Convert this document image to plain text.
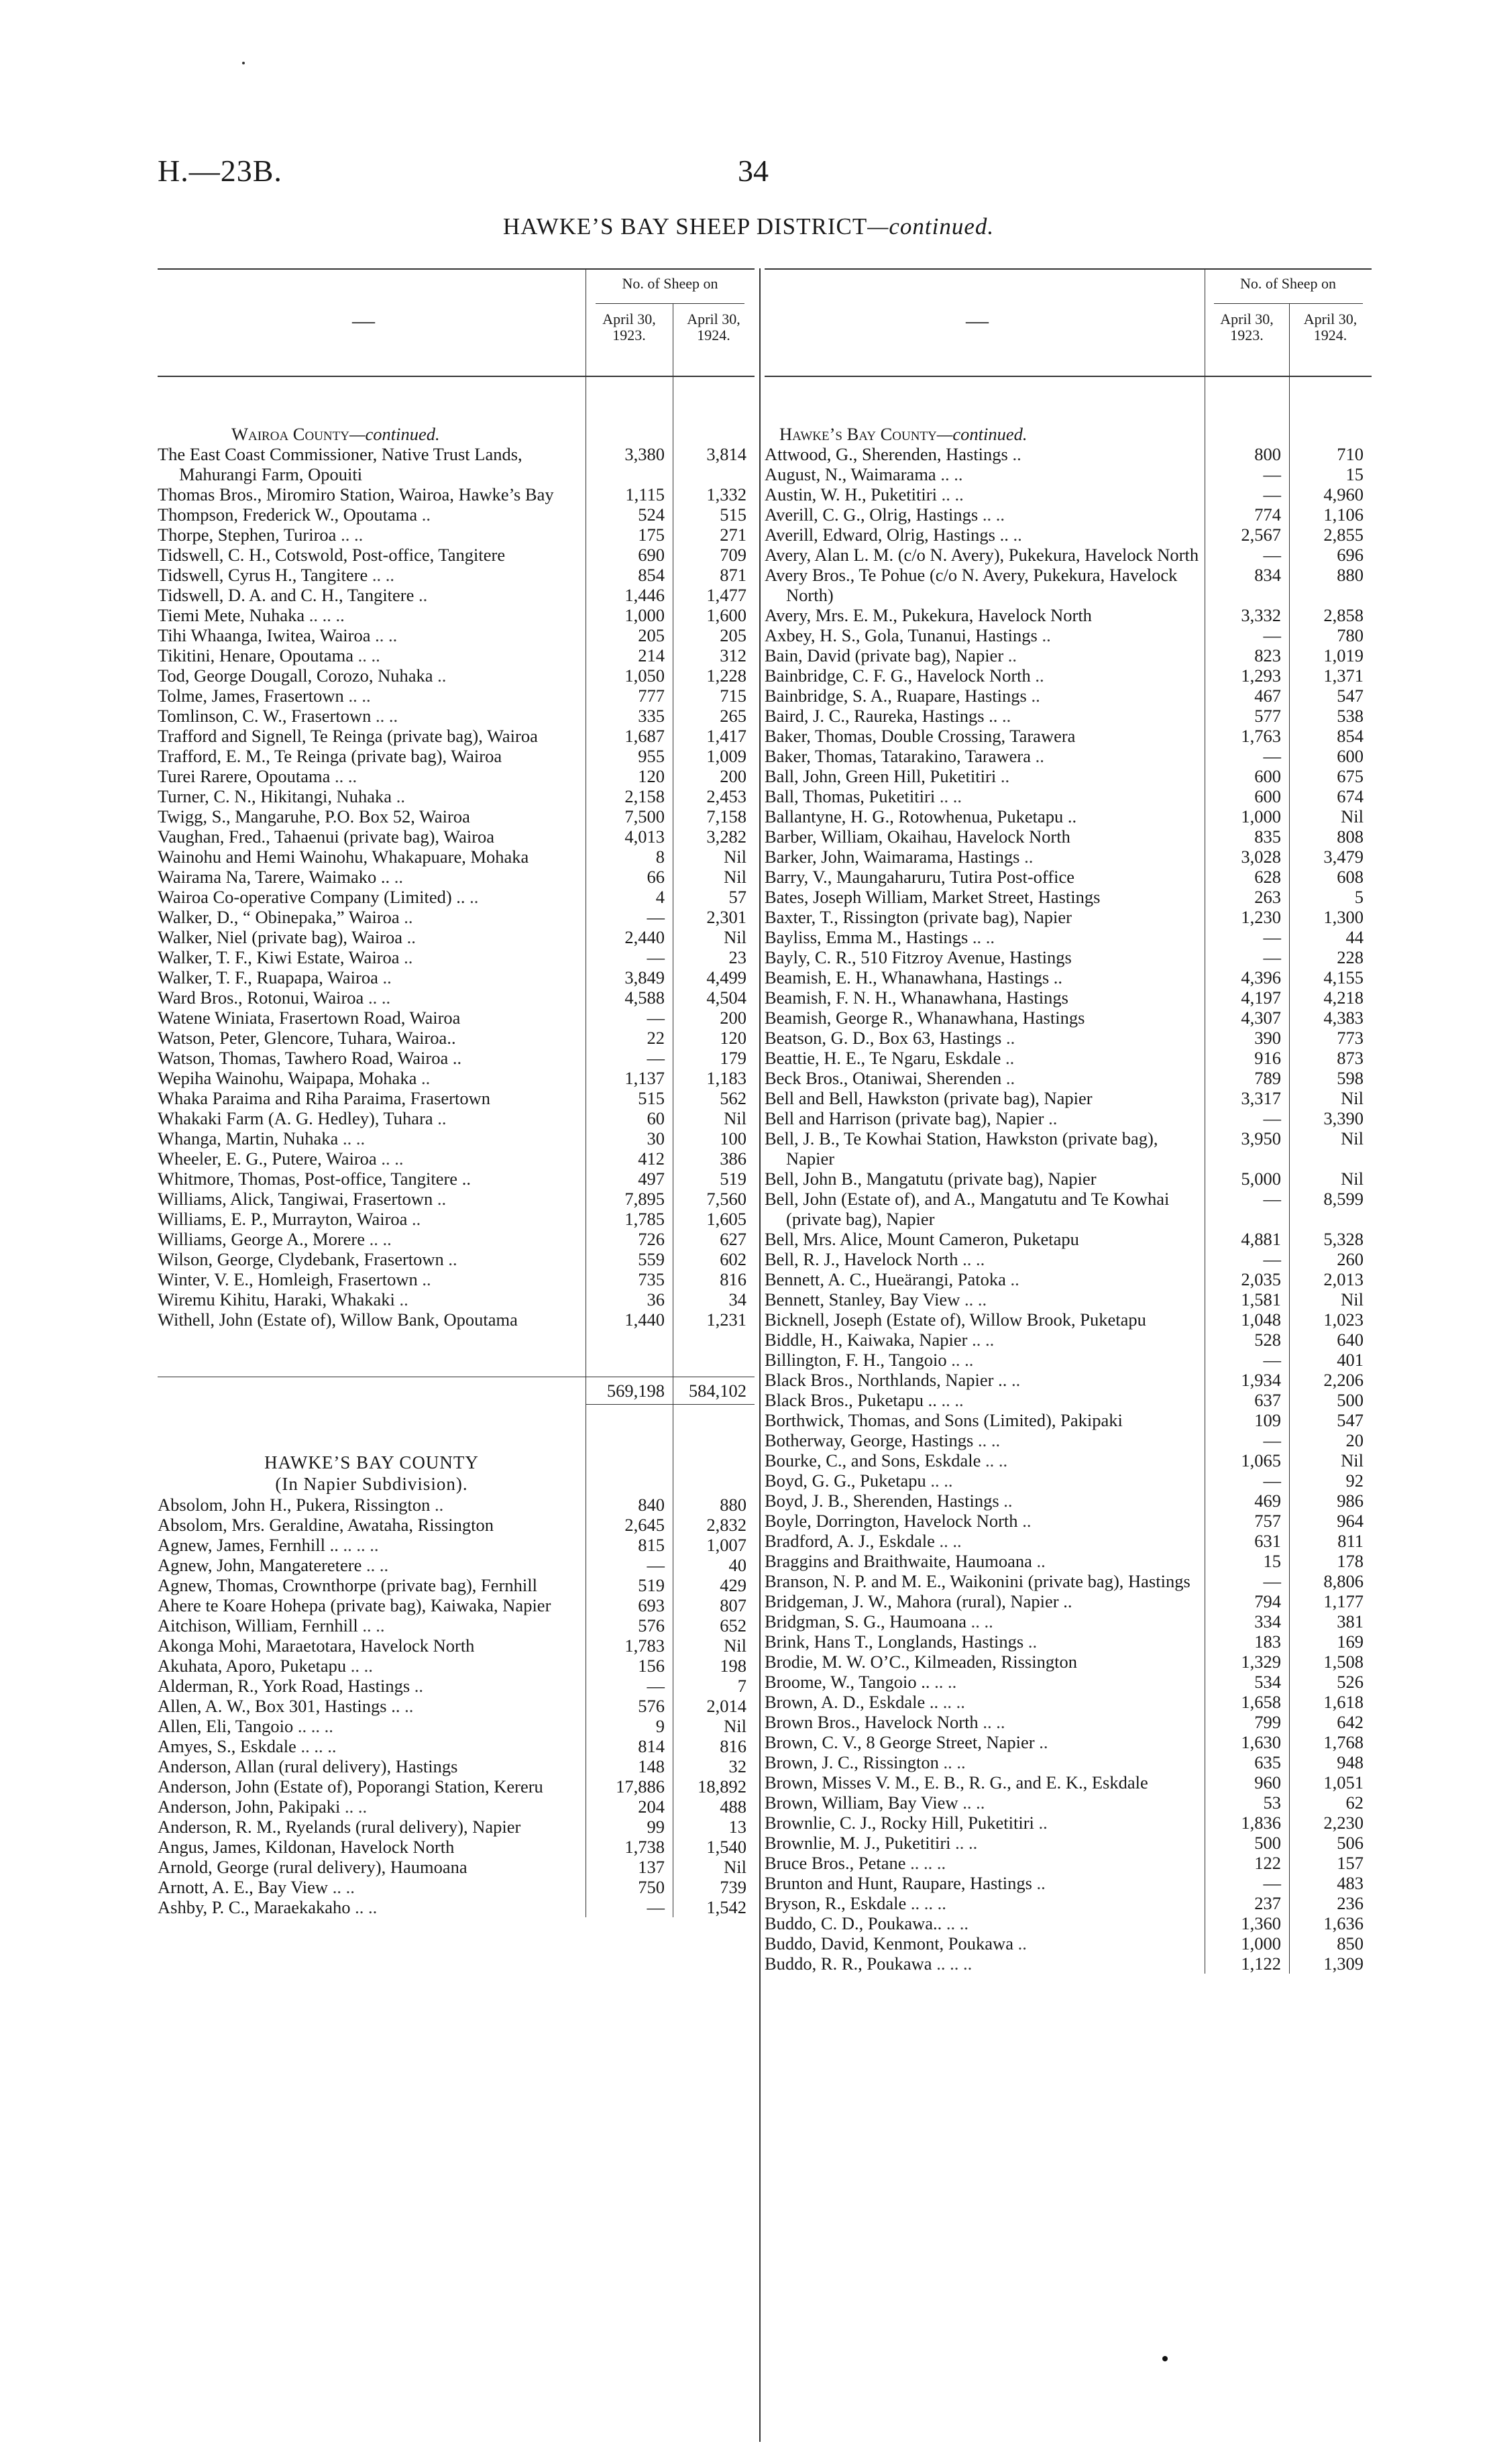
H.—23B.	34
HAWKE’S BAY SHEEP DISTRICT—continued.
—
No. of Sheep on
April 30,
1923.
April 30,
1924.
Wairoa County—continued.
The East Coast Commissioner, Native Trust Lands, Mahurangi Farm, Opouiti
3,380	3,814
Thomas Bros., Miromiro Station, Wairoa, Hawke’s Bay	1,115	1,332
Thompson, Frederick W., Opoutama ..	524	515
Thorpe, Stephen, Turiroa .. ..	175	271
Tidswell, C. H., Cotswold, Post-office, Tangitere	690	709
Tidswell, Cyrus H., Tangitere .. ..	854	871
Tidswell, D. A. and C. H., Tangitere ..	1,446	1,477
Tiemi Mete, Nuhaka .. .. ..	1,000	1,600
Tihi Whaanga, Iwitea, Wairoa .. ..	205	205
Tikitini, Henare, Opoutama .. ..	214	312
Tod, George Dougall, Corozo, Nuhaka ..	1,050	1,228
Tolme, James, Frasertown .. ..	777	715
Tomlinson, C. W., Frasertown .. ..	335	265
Trafford and Signell, Te Reinga (private bag), Wairoa	1,687	1,417
Trafford, E. M., Te Reinga (private bag), Wairoa	955	1,009
Turei Rarere, Opoutama .. ..	120	200
Turner, C. N., Hikitangi, Nuhaka ..	2,158	2,453
Twigg, S., Mangaruhe, P.O. Box 52, Wairoa	7,500	7,158
Vaughan, Fred., Tahaenui (private bag), Wairoa	4,013	3,282
Wainohu and Hemi Wainohu, Whakapuare, Mohaka	8	Nil
Wairama Na, Tarere, Waimako .. ..	66	Nil
Wairoa Co-operative Company (Limited) .. ..	4	57
Walker, D., “ Obinepaka,” Wairoa ..	—	2,301
Walker, Niel (private bag), Wairoa ..	2,440	Nil
Walker, T. F., Kiwi Estate, Wairoa ..	—	23
Walker, T. F., Ruapapa, Wairoa ..	3,849	4,499
Ward Bros., Rotonui, Wairoa .. ..	4,588	4,504
Watene Winiata, Frasertown Road, Wairoa	—	200
Watson, Peter, Glencore, Tuhara, Wairoa..	22	120
Watson, Thomas, Tawhero Road, Wairoa ..	—	179
Wepiha Wainohu, Waipapa, Mohaka ..	1,137	1,183
Whaka Paraima and Riha Paraima, Frasertown	515	562
Whakaki Farm (A. G. Hedley), Tuhara ..	60	Nil
Whanga, Martin, Nuhaka .. ..	30	100
Wheeler, E. G., Putere, Wairoa .. ..	412	386
Whitmore, Thomas, Post-office, Tangitere ..	497	519
Williams, Alick, Tangiwai, Frasertown ..	7,895	7,560
Williams, E. P., Murrayton, Wairoa ..	1,785	1,605
Williams, George A., Morere .. ..	726	627
Wilson, George, Clydebank, Frasertown ..	559	602
Winter, V. E., Homleigh, Frasertown ..	735	816
Wiremu Kihitu, Haraki, Whakaki ..	36	34
Withell, John (Estate of), Willow Bank, Opoutama	1,440	1,231
569,198	584,102
HAWKE’S BAY COUNTY
(In Napier Subdivision).
Absolom, John H., Pukera, Rissington ..	840	880
Absolom, Mrs. Geraldine, Awataha, Rissington	2,645	2,832
Agnew, James, Fernhill .. .. .. ..	815	1,007
Agnew, John, Mangateretere .. ..	—	40
Agnew, Thomas, Crownthorpe (private bag), Fernhill	519	429
Ahere te Koare Hohepa (private bag), Kaiwaka, Napier	693	807
Aitchison, William, Fernhill .. ..	576	652
Akonga Mohi, Maraetotara, Havelock North	1,783	Nil
Akuhata, Aporo, Puketapu .. ..	156	198
Alderman, R., York Road, Hastings ..	—	7
Allen, A. W., Box 301, Hastings .. ..	576	2,014
Allen, Eli, Tangoio .. .. ..	9	Nil
Amyes, S., Eskdale .. .. ..	814	816
Anderson, Allan (rural delivery), Hastings	148	32
Anderson, John (Estate of), Poporangi Station, Kereru	17,886	18,892
Anderson, John, Pakipaki .. ..	204	488
Anderson, R. M., Ryelands (rural delivery), Napier	99	13
Angus, James, Kildonan, Havelock North	1,738	1,540
Arnold, George (rural delivery), Haumoana	137	Nil
Arnott, A. E., Bay View .. ..	750	739
Ashby, P. C., Maraekakaho .. ..	—	1,542
—
No. of Sheep on
April 30,
1923.
April 30,
1924.
Hawke’s Bay County—continued.
Attwood, G., Sherenden, Hastings ..	800	710
August, N., Waimarama .. ..	—	15
Austin, W. H., Puketitiri .. ..	—	4,960
Averill, C. G., Olrig, Hastings .. ..	774	1,106
Averill, Edward, Olrig, Hastings .. ..	2,567	2,855
Avery, Alan L. M. (c/o N. Avery), Pukekura, Havelock North	—	696
Avery Bros., Te Pohue (c/o N. Avery, Pukekura, Havelock North)
834	880
Avery, Mrs. E. M., Pukekura, Havelock North	3,332	2,858
Axbey, H. S., Gola, Tunanui, Hastings ..	—	780
Bain, David (private bag), Napier ..	823	1,019
Bainbridge, C. F. G., Havelock North ..	1,293	1,371
Bainbridge, S. A., Ruapare, Hastings ..	467	547
Baird, J. C., Raureka, Hastings .. ..	577	538
Baker, Thomas, Double Crossing, Tarawera	1,763	854
Baker, Thomas, Tatarakino, Tarawera ..	—	600
Ball, John, Green Hill, Puketitiri ..	600	675
Ball, Thomas, Puketitiri .. ..	600	674
Ballantyne, H. G., Rotowhenua, Puketapu ..	1,000	Nil
Barber, William, Okaihau, Havelock North	835	808
Barker, John, Waimarama, Hastings ..	3,028	3,479
Barry, V., Maungaharuru, Tutira Post-office	628	608
Bates, Joseph William, Market Street, Hastings	263	5
Baxter, T., Rissington (private bag), Napier	1,230	1,300
Bayliss, Emma M., Hastings .. ..	—	44
Bayly, C. R., 510 Fitzroy Avenue, Hastings	—	228
Beamish, E. H., Whanawhana, Hastings ..	4,396	4,155
Beamish, F. N. H., Whanawhana, Hastings	4,197	4,218
Beamish, George R., Whanawhana, Hastings	4,307	4,383
Beatson, G. D., Box 63, Hastings ..	390	773
Beattie, H. E., Te Ngaru, Eskdale ..	916	873
Beck Bros., Otaniwai, Sherenden ..	789	598
Bell and Bell, Hawkston (private bag), Napier	3,317	Nil
Bell and Harrison (private bag), Napier ..	—	3,390
Bell, J. B., Te Kowhai Station, Hawkston (private bag), Napier
3,950	Nil
Bell, John B., Mangatutu (private bag), Napier	5,000	Nil
Bell, John (Estate of), and A., Mangatutu and Te Kowhai (private bag), Napier
—	8,599
Bell, Mrs. Alice, Mount Cameron, Puketapu	4,881	5,328
Bell, R. J., Havelock North .. ..	—	260
Bennett, A. C., Hueärangi, Patoka ..	2,035	2,013
Bennett, Stanley, Bay View .. ..	1,581	Nil
Bicknell, Joseph (Estate of), Willow Brook, Puketapu	1,048	1,023
Biddle, H., Kaiwaka, Napier .. ..	528	640
Billington, F. H., Tangoio .. ..	—	401
Black Bros., Northlands, Napier .. ..	1,934	2,206
Black Bros., Puketapu .. .. ..	637	500
Borthwick, Thomas, and Sons (Limited), Pakipaki	109	547
Botherway, George, Hastings .. ..	—	20
Bourke, C., and Sons, Eskdale .. ..	1,065	Nil
Boyd, G. G., Puketapu .. ..	—	92
Boyd, J. B., Sherenden, Hastings ..	469	986
Boyle, Dorrington, Havelock North ..	757	964
Bradford, A. J., Eskdale .. ..	631	811
Braggins and Braithwaite, Haumoana ..	15	178
Branson, N. P. and M. E., Waikonini (private bag), Hastings	—	8,806
Bridgeman, J. W., Mahora (rural), Napier ..	794	1,177
Bridgman, S. G., Haumoana .. ..	334	381
Brink, Hans T., Longlands, Hastings ..	183	169
Brodie, M. W. O’C., Kilmeaden, Rissington	1,329	1,508
Broome, W., Tangoio .. .. ..	534	526
Brown, A. D., Eskdale .. .. ..	1,658	1,618
Brown Bros., Havelock North .. ..	799	642
Brown, C. V., 8 George Street, Napier ..	1,630	1,768
Brown, J. C., Rissington .. ..	635	948
Brown, Misses V. M., E. B., R. G., and E. K., Eskdale	960	1,051
Brown, William, Bay View .. ..	53	62
Brownlie, C. J., Rocky Hill, Puketitiri ..	1,836	2,230
Brownlie, M. J., Puketitiri .. ..	500	506
Bruce Bros., Petane .. .. ..	122	157
Brunton and Hunt, Raupare, Hastings ..	—	483
Bryson, R., Eskdale .. .. ..	237	236
Buddo, C. D., Poukawa.. .. ..	1,360	1,636
Buddo, David, Kenmont, Poukawa ..	1,000	850
Buddo, R. R., Poukawa .. .. ..	1,122	1,309
